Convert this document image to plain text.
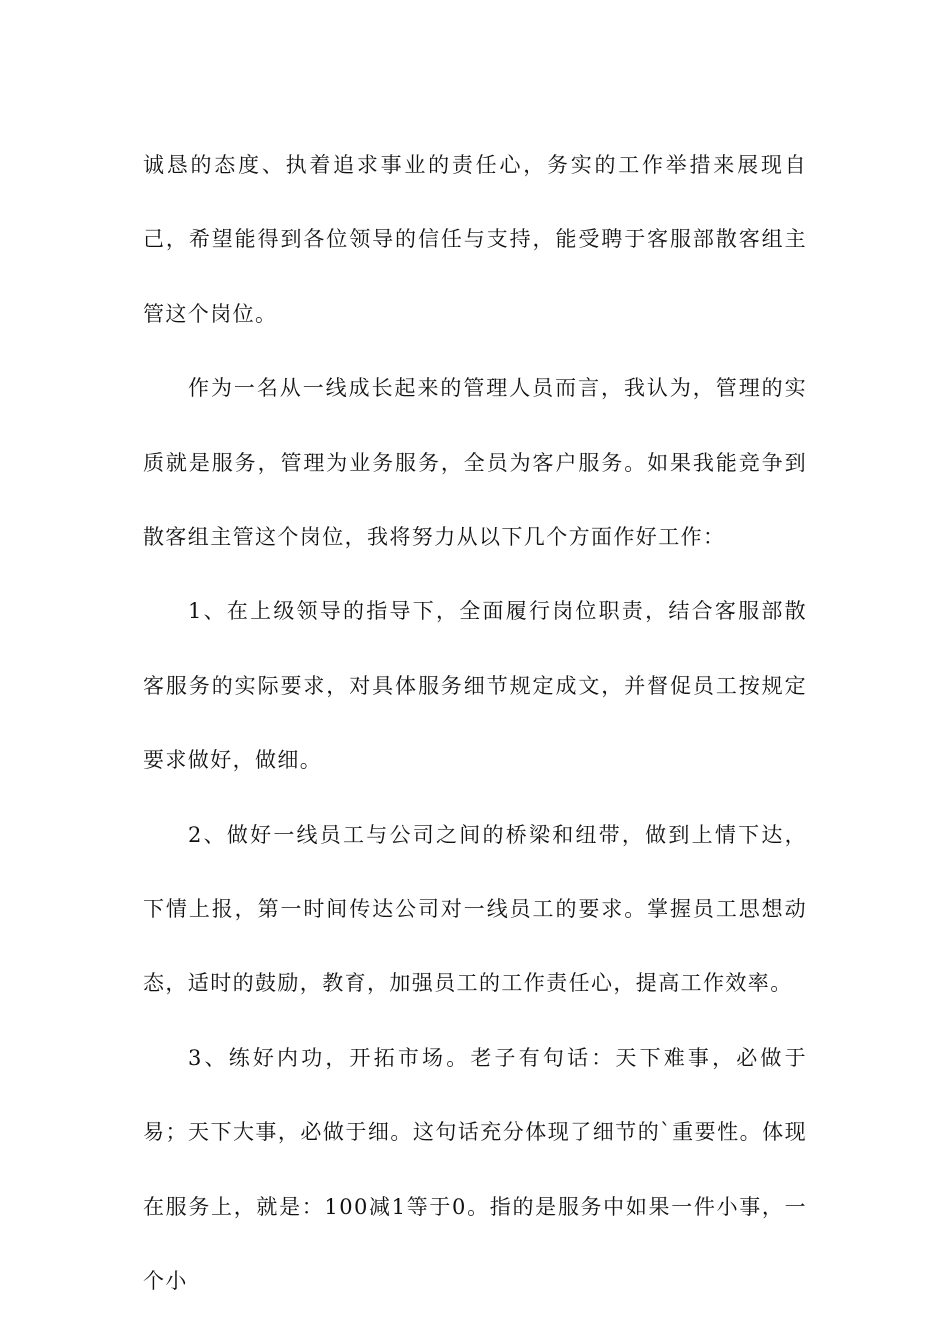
诚恳的态度、执着追求事业的责任心，务实的工作举措来展现自己，希望能得到各位领导的信任与支持，能受聘于客服部散客组主管这个岗位。

作为一名从一线成长起来的管理人员而言，我认为，管理的实质就是服务，管理为业务服务，全员为客户服务。如果我能竞争到散客组主管这个岗位，我将努力从以下几个方面作好工作：

1、在上级领导的指导下，全面履行岗位职责，结合客服部散客服务的实际要求，对具体服务细节规定成文，并督促员工按规定要求做好，做细。

2、做好一线员工与公司之间的桥梁和纽带，做到上情下达，下情上报，第一时间传达公司对一线员工的要求。掌握员工思想动态，适时的鼓励，教育，加强员工的工作责任心，提高工作效率。

3、练好内功，开拓市场。老子有句话：天下难事，必做于易；天下大事，必做于细。这句话充分体现了细节的`重要性。体现在服务上，就是：100减1等于0。指的是服务中如果一件小事，一个小
